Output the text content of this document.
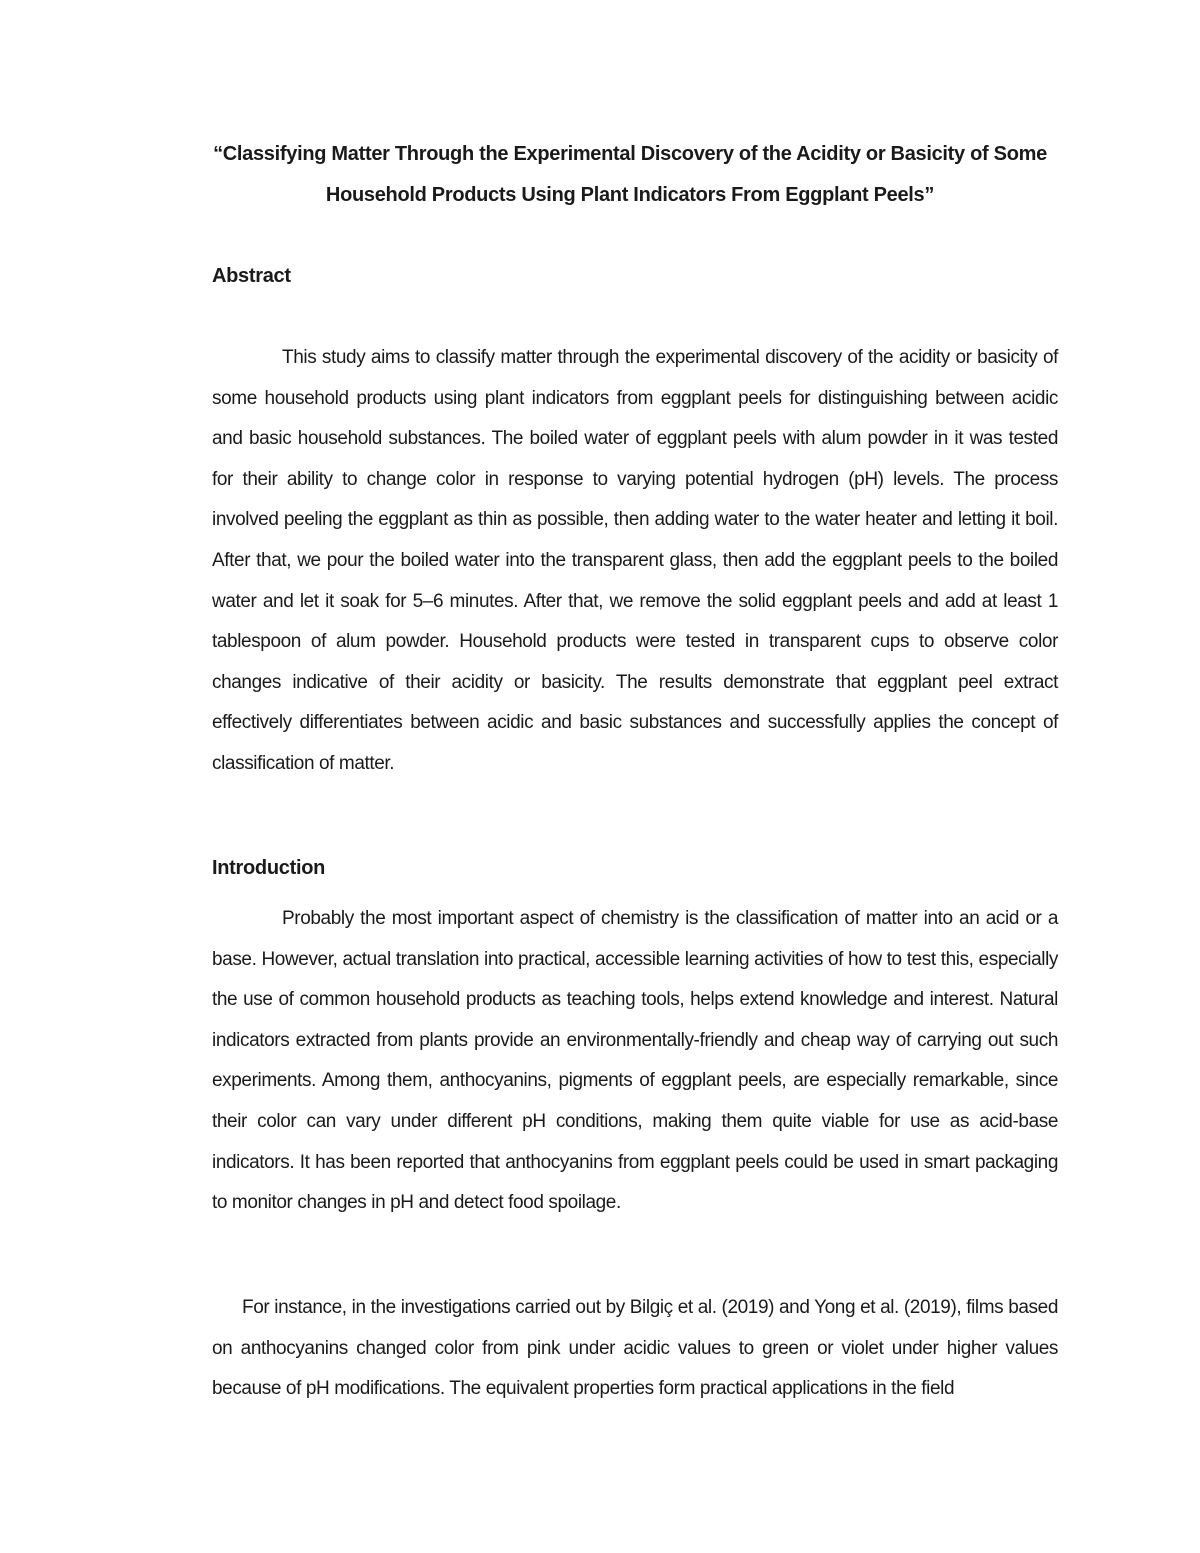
“Classifying Matter Through the Experimental Discovery of the Acidity or Basicity of Some
Household Products Using Plant Indicators From Eggplant Peels”
Abstract

This study aims to classify matter through the experimental discovery of the acidity or basicity of some household products using plant indicators from eggplant peels for distinguishing between acidic and basic household substances. The boiled water of eggplant peels with alum powder in it was tested for their ability to change color in response to varying potential hydrogen (pH) levels. The process involved peeling the eggplant as thin as possible, then adding water to the water heater and letting it boil. After that, we pour the boiled water into the transparent glass, then add the eggplant peels to the boiled water and let it soak for 5–6 minutes. After that, we remove the solid eggplant peels and add at least 1 tablespoon of alum powder. Household products were tested in transparent cups to observe color changes indicative of their acidity or basicity. The results demonstrate that eggplant peel extract effectively differentiates between acidic and basic substances and successfully applies the concept of classification of matter.

Introduction

Probably the most important aspect of chemistry is the classification of matter into an acid or a base. However, actual translation into practical, accessible learning activities of how to test this, especially the use of common household products as teaching tools, helps extend knowledge and interest. Natural indicators extracted from plants provide an environmentally-friendly and cheap way of carrying out such experiments. Among them, anthocyanins, pigments of eggplant peels, are especially remarkable, since their color can vary under different pH conditions, making them quite viable for use as acid-base indicators. It has been reported that anthocyanins from eggplant peels could be used in smart packaging to monitor changes in pH and detect food spoilage.

For instance, in the investigations carried out by Bilgiç et al. (2019) and Yong et al. (2019), films based on anthocyanins changed color from pink under acidic values to green or violet under higher values because of pH modifications. The equivalent properties form practical applications in the field
